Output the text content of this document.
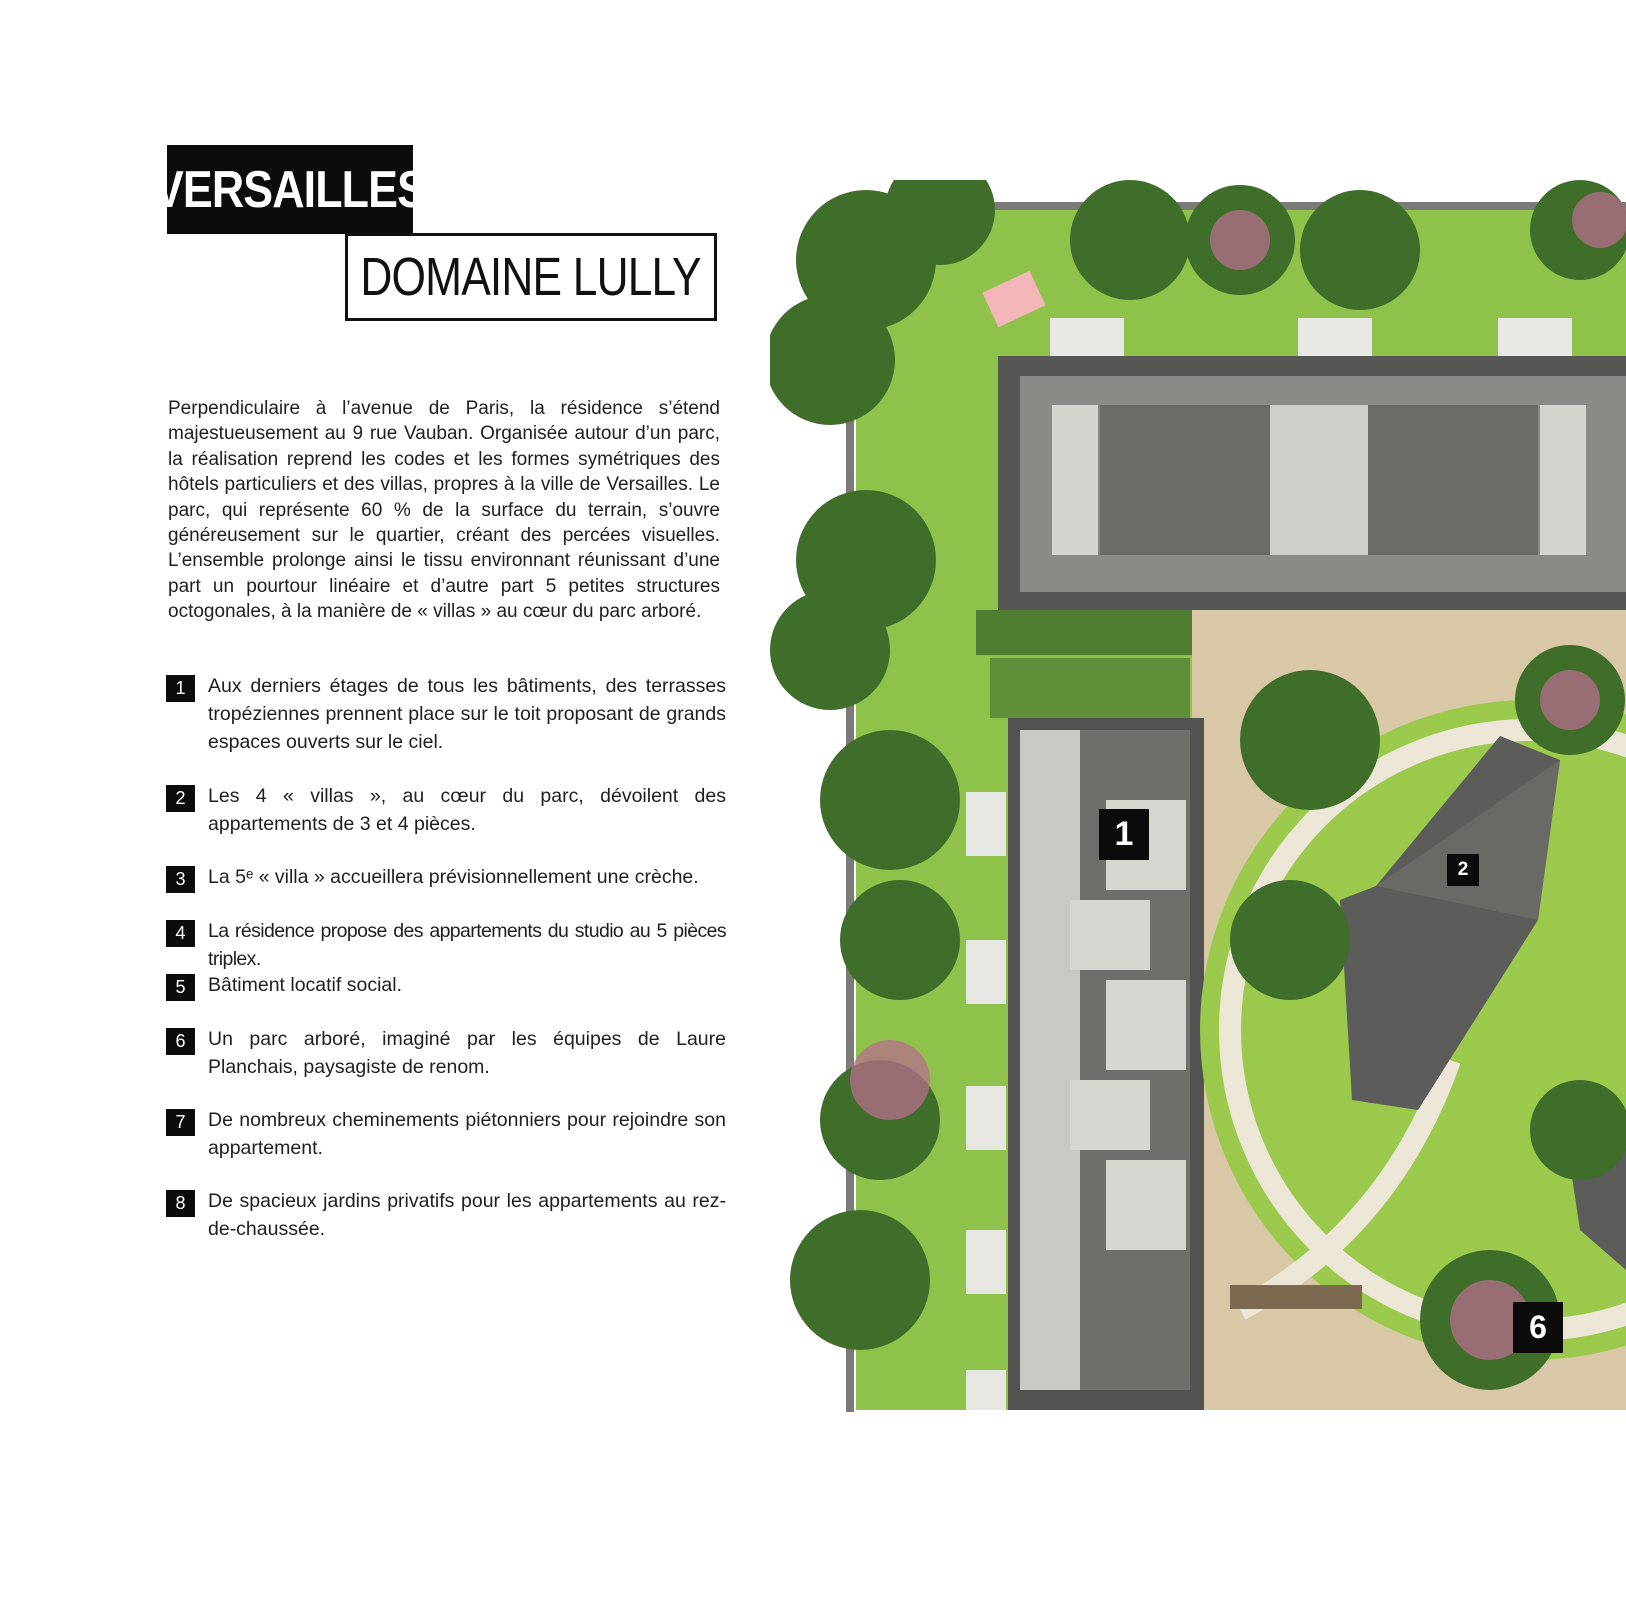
VERSAILLES
DOMAINE LULLY

Perpendiculaire à l’avenue de Paris, la résidence s’étend majestueusement au 9 rue Vauban. Organisée autour d’un parc, la réalisation reprend les codes et les formes symétriques des hôtels particuliers et des villas, propres à la ville de Versailles. Le parc, qui représente 60 % de la surface du terrain, s’ouvre généreusement sur le quartier, créant des percées visuelles. L’ensemble prolonge ainsi le tissu environnant réunissant d’une part un pourtour linéaire et d’autre part 5 petites structures octogonales, à la manière de « villas » au cœur du parc arboré.

1	Aux derniers étages de tous les bâtiments, des terrasses tropéziennes prennent place sur le toit proposant de grands espaces ouverts sur le ciel.
2	Les 4 « villas », au cœur du parc, dévoilent des appartements de 3 et 4 pièces.
3	La 5ᵉ « villa » accueillera prévisionnellement une crèche.
4	La résidence propose des appartements du studio au 5 pièces triplex.
5	Bâtiment locatif social.
6	Un parc arboré, imaginé par les équipes de Laure Planchais, paysagiste de renom.
7	De nombreux cheminements piétonniers pour rejoindre son appartement.
8	De spacieux jardins privatifs pour les appartements au rez-de-chaussée.
1
2
6
